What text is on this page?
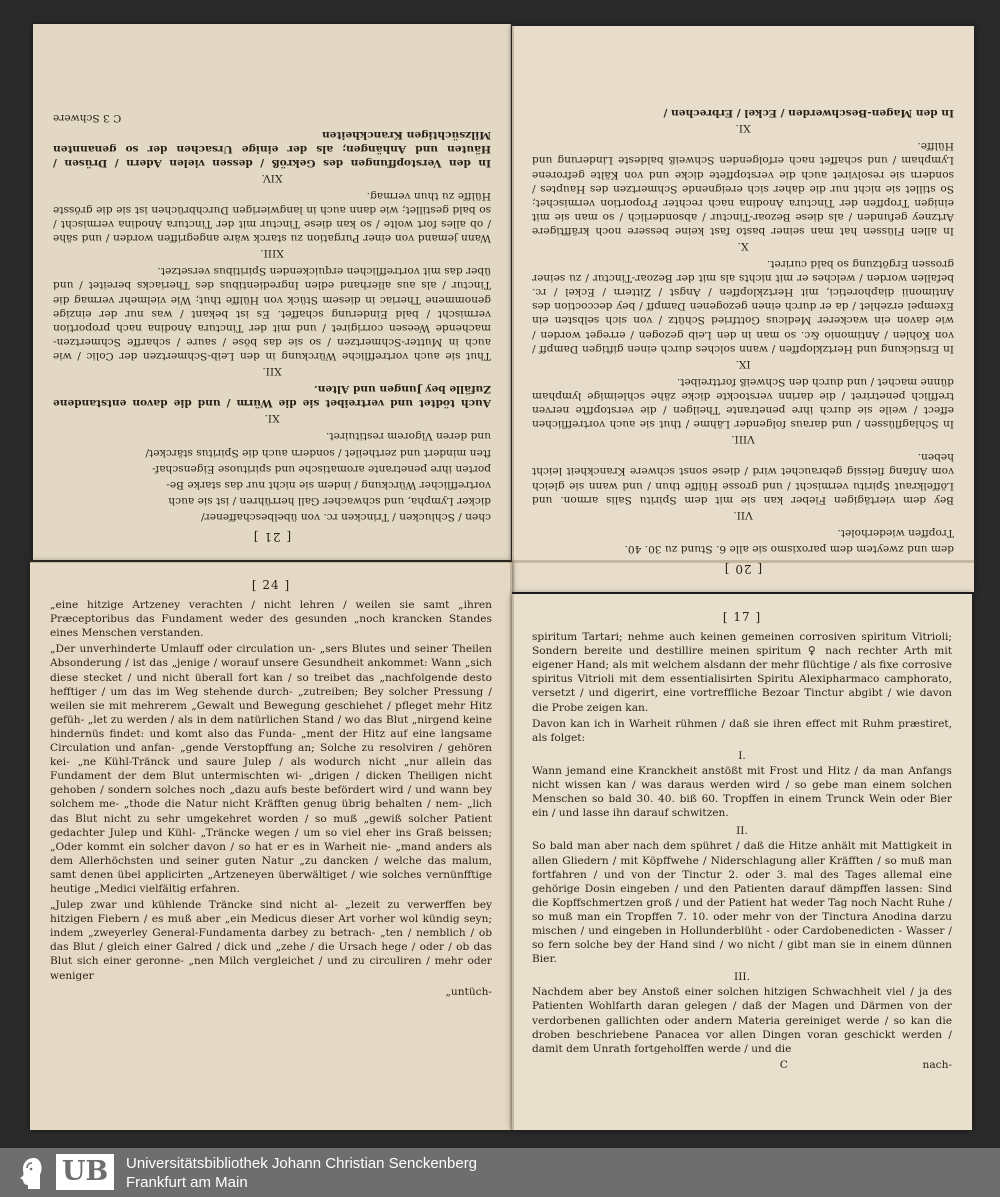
[ 21 ]

chen / Schlucken / Trincken rc. von übelbeschaffener/

dicker Lympha, und schwacher Gall herrühren / ist sie auch

vortrefflicher Würckung / indem sie nicht nur das starke Be-

porten ihre penetrante aromatische und spirituose Eigenschaf-

ften mindert und zertheilet / sondern auch die Spiritus stärcket/

und deren Vigorem restituiret.

XI.

Auch tödtet und vertreibet sie die Würm / und die davon entstandene Zufälle bey Jungen und Alten.

XII.

Thut sie auch vortreffliche Würckung in den Leib-Schmertzen der Colic / wie auch in Mutter-Schmertzen / so sie das böse / saure / scharffe Schmertzen-machende Weesen corrigiret / und mit der Tinctura Anodina nach proportion vermischt / bald Einderung schaffet. Es ist bekant / was nur der einzige genommene Theriac in diesem Stück von Hülffe thut; Wie vielmehr vermag die Tinctur / als aus allerhand edlen Ingredientibus des Theriacks bereitet / und über das mit vortrefflichen erquickenden Spiritibus versetzet.

XIII.

Wann jemand von einer Purgation zu starck wäre angegriffen worden / und sähe / ob alles fort wolte / so kan diese Tinctur mit der Tinctura Anodina vermischt / so bald gestillet; wie dann auch in langwierigen Durchbrüchen ist sie die grösste Hülffe zu thun vermag.

XIV.

In den Verstopffungen des Gekröß / dessen vielen Adern / Drüsen / Häuten und Anhängen; als der einige Ursachen der so genannten Milzsüchtigen Kranckheiten

C 3 Schwere
[ 20 ]

dem und zweytem dem paroxismo sie alle 6. Stund zu 30. 40.

Tropffen wiederholet.

VII.

Bey dem viertägigen Fieber kan sie mit dem Spiritu Salis armon. und Löffelkraut Spiritu vermischt / und grosse Hülffe thun / und wann sie gleich vom Anfang fleissig gebrauchet wird / diese sonst schwere Kranckheit leicht heben.

VIII.

In Schlagflüssen / und daraus folgender Lähme / thut sie auch vortrefflichen effect / weile sie durch ihre penetrante Theilgen / die verstopffte nerven trefflich penetriret / die darinn verstockte dicke zähe schleimige lympham dünne machet / und durch den Schweiß forttreibet.

IX.

In Erstickung und Hertzklopffen / wann solches durch einen giftigen Dampff / von Kohlen / Antimonio &c. so man in den Leib gezogen / erreget worden / wie davon ein wackerer Medicus Gottfried Schütz / von sich selbsten ein Exempel erzehlet / da er durch einen gezogenen Dampff / bey deccoction des Antimonii diaphoretici, mit Hertzklopffen / Angst / Zittern / Eckel / rc. befallen worden / welches er mit nichts als mit der Bezoar-Tinctur / zu seiner grossen Ergötzung so bald curiret.

X.

In allen Flüssen hat man seiner basto fast keine bessere noch kräfftigere Artzney gefunden / als diese Bezoar-Tinctur / absonderlich / so man sie mit einigen Tropffen der Tinctura Anodina nach rechter Proportion vermischet; So stillet sie nicht nur die daher sich ereignende Schmertzen des Hauptes / sondern sie resolviret auch die verstopffete dicke und von Kälte gefrorene Lympham / und schaffet nach erfolgenden Schweiß baldeste Linderung und Hülffe.

XI.

In den Magen-Beschwerden / Eckel / Erbrechen /

[ 24 ]

„eine hitzige Artzeney verachten / nicht lehren / weilen sie samt „ihren Præceptoribus das Fundament weder des gesunden „noch krancken Standes eines Menschen verstanden.

„Der unverhinderte Umlauff oder circulation un- „sers Blutes und seiner Theilen Absonderung / ist das „jenige / worauf unsere Gesundheit ankommet: Wann „sich diese stecket / und nicht überall fort kan / so treibet das „nachfolgende desto hefftiger / um das im Weg stehende durch- „zutreiben; Bey solcher Pressung / weilen sie mit mehrerem „Gewalt und Bewegung geschiehet / pfleget mehr Hitz gefüh- „let zu werden / als in dem natürlichen Stand / wo das Blut „nirgend keine hindernüs findet: und komt also das Funda- „ment der Hitz auf eine langsame Circulation und anfan- „gende Verstopffung an; Solche zu resolviren / gehören kei- „ne Kühl-Tränck und saure Julep / als wodurch nicht „nur allein das Fundament der dem Blut untermischten wi- „drigen / dicken Theiligen nicht gehoben / sondern solches noch „dazu aufs beste befördert wird / und wann bey solchem me- „thode die Natur nicht Kräfften genug übrig behalten / nem- „lich das Blut nicht zu sehr umgekehret worden / so muß „gewiß solcher Patient gedachter Julep und Kühl- „Träncke wegen / um so viel eher ins Graß beissen; „Oder kommt ein solcher davon / so hat er es in Warheit nie- „mand anders als dem Allerhöchsten und seiner guten Natur „zu dancken / welche das malum, samt denen übel applicirten „Artzeneyen überwältiget / wie solches vernünfftige heutige „Medici vielfältig erfahren.

„Julep zwar und kühlende Träncke sind nicht al- „lezeit zu verwerffen bey hitzigen Fiebern / es muß aber „ein Medicus dieser Art vorher wol kündig seyn; indem „zweyerley General-Fundamenta darbey zu betrach- „ten / nemblich / ob das Blut / gleich einer Galred / dick und „zehe / die Ursach hege / oder / ob das Blut sich einer geronne- „nen Milch vergleichet / und zu circuliren / mehr oder weniger

„untüch-
[ 17 ]

spiritum Tartari; nehme auch keinen gemeinen corrosiven spiritum Vitrioli; Sondern bereite und destillire meinen spiritum ♀ nach rechter Arth mit eigener Hand; als mit welchem alsdann der mehr flüchtige / als fixe corrosive spiritus Vitrioli mit dem essentialisirten Spiritu Alexipharmaco camphorato, versetzt / und digerirt, eine vortreffliche Bezoar Tinctur abgibt / wie davon die Probe zeigen kan.

Davon kan ich in Warheit rühmen / daß sie ihren effect mit Ruhm præstiret, als folget:

I.

Wann jemand eine Kranckheit anstößt mit Frost und Hitz / da man Anfangs nicht wissen kan / was daraus werden wird / so gebe man einem solchen Menschen so bald 30. 40. biß 60. Tropffen in einem Trunck Wein oder Bier ein / und lasse ihn darauf schwitzen.

II.

So bald man aber nach dem spühret / daß die Hitze anhält mit Mattigkeit in allen Gliedern / mit Köpffwehe / Niderschlagung aller Kräfften / so muß man fortfahren / und von der Tinctur 2. oder 3. mal des Tages allemal eine gehörige Dosin eingeben / und den Patienten darauf dämpffen lassen: Sind die Kopffschmertzen groß / und der Patient hat weder Tag noch Nacht Ruhe / so muß man ein Tropffen 7. 10. oder mehr von der Tinctura Anodina darzu mischen / und eingeben in Hollunderblüht - oder Cardobenedicten - Wasser / so fern solche bey der Hand sind / wo nicht / gibt man sie in einem dünnen Bier.

III.

Nachdem aber bey Anstoß einer solchen hitzigen Schwachheit viel / ja des Patienten Wohlfarth daran gelegen / daß der Magen und Därmen von der verdorbenen gallichten oder andern Materia gereiniget werde / so kan die droben beschriebene Panacea vor allen Dingen voran geschickt werden / damit dem Unrath fortgeholffen werde / und die

C	nach-
UB	Universitätsbibliothek Johann Christian Senckenberg
Frankfurt am Main
